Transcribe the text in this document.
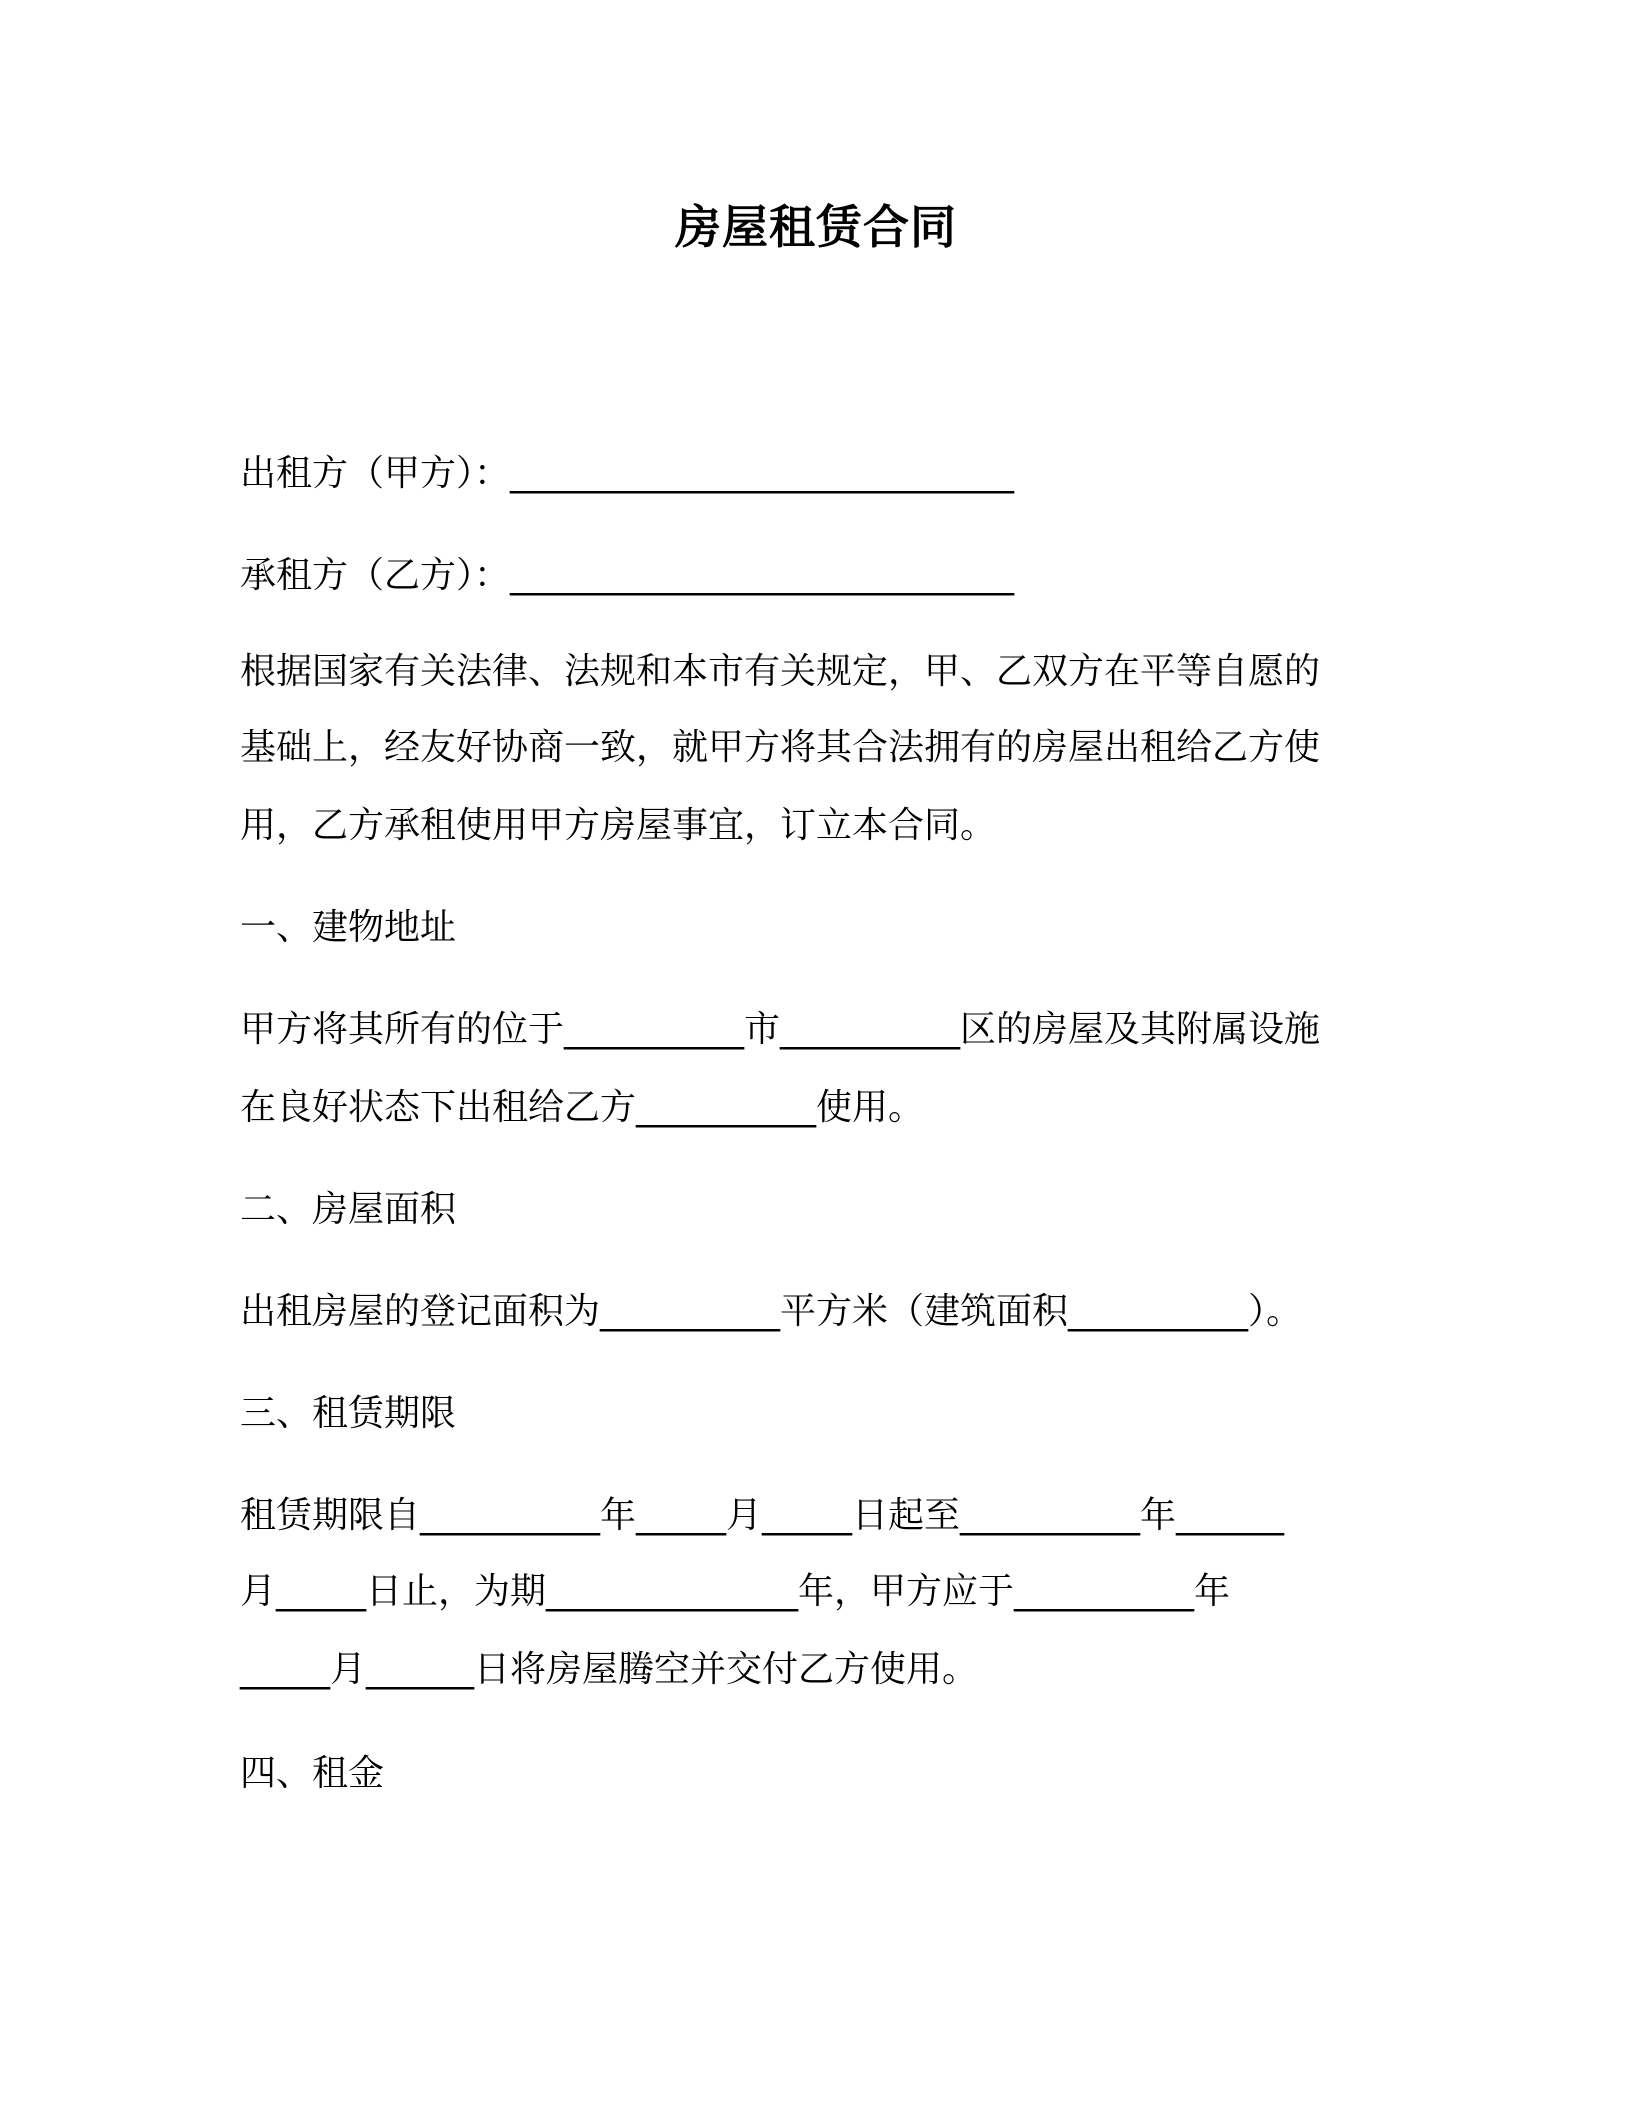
房屋租赁合同
出租方（甲方）：____________________________
承租方（乙方）：____________________________
根据国家有关法律、法规和本市有关规定，甲、乙双方在平等自愿的
基础上，经友好协商一致，就甲方将其合法拥有的房屋出租给乙方使
用，乙方承租使用甲方房屋事宜，订立本合同。
一、建物地址
甲方将其所有的位于__________市__________区的房屋及其附属设施
在良好状态下出租给乙方__________使用。
二、房屋面积
出租房屋的登记面积为__________平方米（建筑面积__________）。
三、租赁期限
租赁期限自__________年_____月_____日起至__________年______
月_____日止，为期______________年，甲方应于__________年
_____月______日将房屋腾空并交付乙方使用。
四、租金
